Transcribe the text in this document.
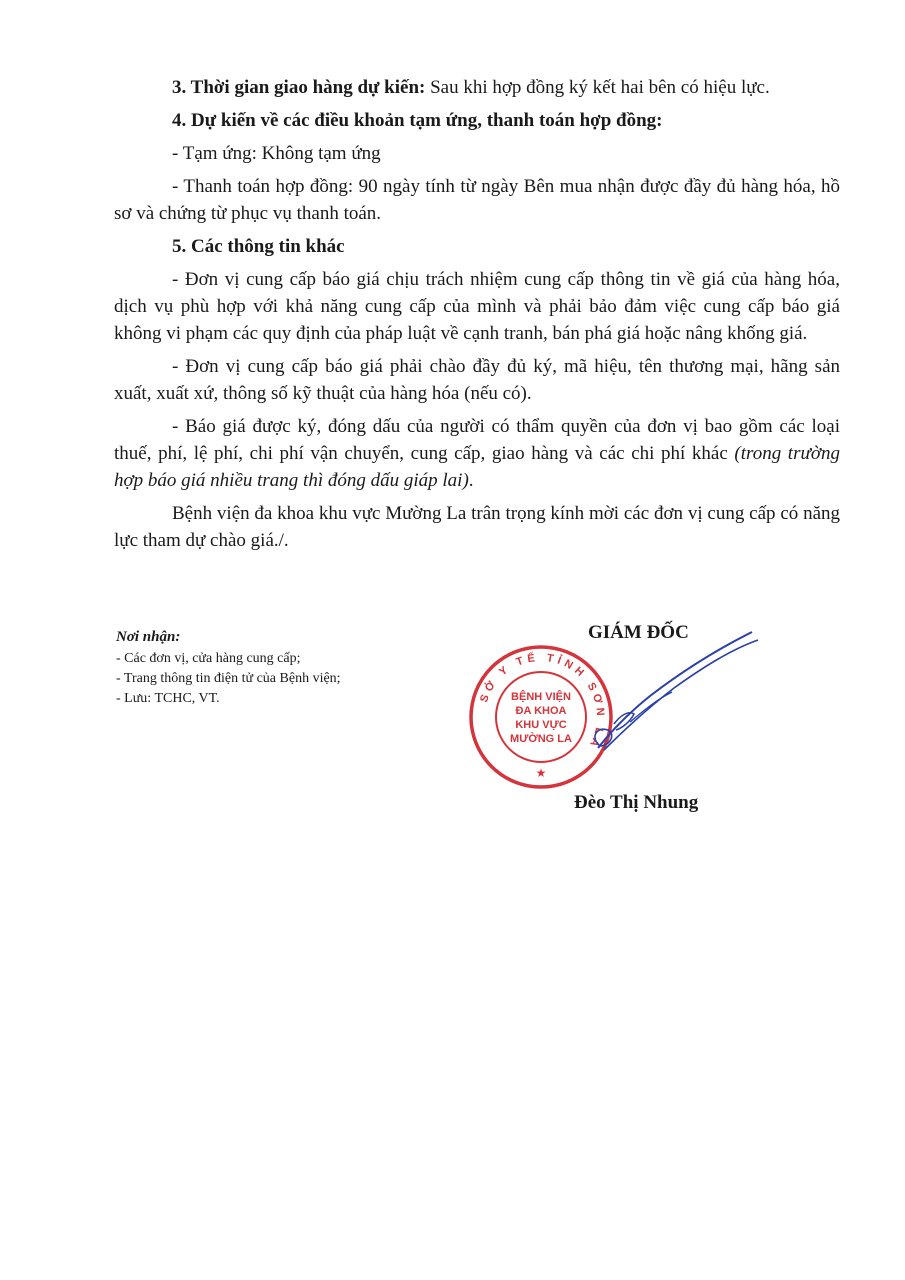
3. Thời gian giao hàng dự kiến: Sau khi hợp đồng ký kết hai bên có hiệu lực.

4. Dự kiến về các điều khoản tạm ứng, thanh toán hợp đồng:

- Tạm ứng: Không tạm ứng

- Thanh toán hợp đồng: 90 ngày tính từ ngày Bên mua nhận được đầy đủ hàng hóa, hồ sơ và chứng từ phục vụ thanh toán.

5. Các thông tin khác

- Đơn vị cung cấp báo giá chịu trách nhiệm cung cấp thông tin về giá của hàng hóa, dịch vụ phù hợp với khả năng cung cấp của mình và phải bảo đảm việc cung cấp báo giá không vi phạm các quy định của pháp luật về cạnh tranh, bán phá giá hoặc nâng khống giá.

- Đơn vị cung cấp báo giá phải chào đầy đủ ký, mã hiệu, tên thương mại, hãng sản xuất, xuất xứ, thông số kỹ thuật của hàng hóa (nếu có).

- Báo giá được ký, đóng dấu của người có thẩm quyền của đơn vị bao gồm các loại thuế, phí, lệ phí, chi phí vận chuyển, cung cấp, giao hàng và các chi phí khác (trong trường hợp báo giá nhiều trang thì đóng dấu giáp lai).

Bệnh viện đa khoa khu vực Mường La trân trọng kính mời các đơn vị cung cấp có năng lực tham dự chào giá./.

Nơi nhận:

- Các đơn vị, cửa hàng cung cấp;

- Trang thông tin điện tử của Bệnh viện;

- Lưu: TCHC, VT.

GIÁM ĐỐC
SỞ Y TẾ TỈNH SƠN LA
BỆNH VIỆN
ĐA KHOA
KHU VỰC
MƯỜNG LA
★
Đèo Thị Nhung
